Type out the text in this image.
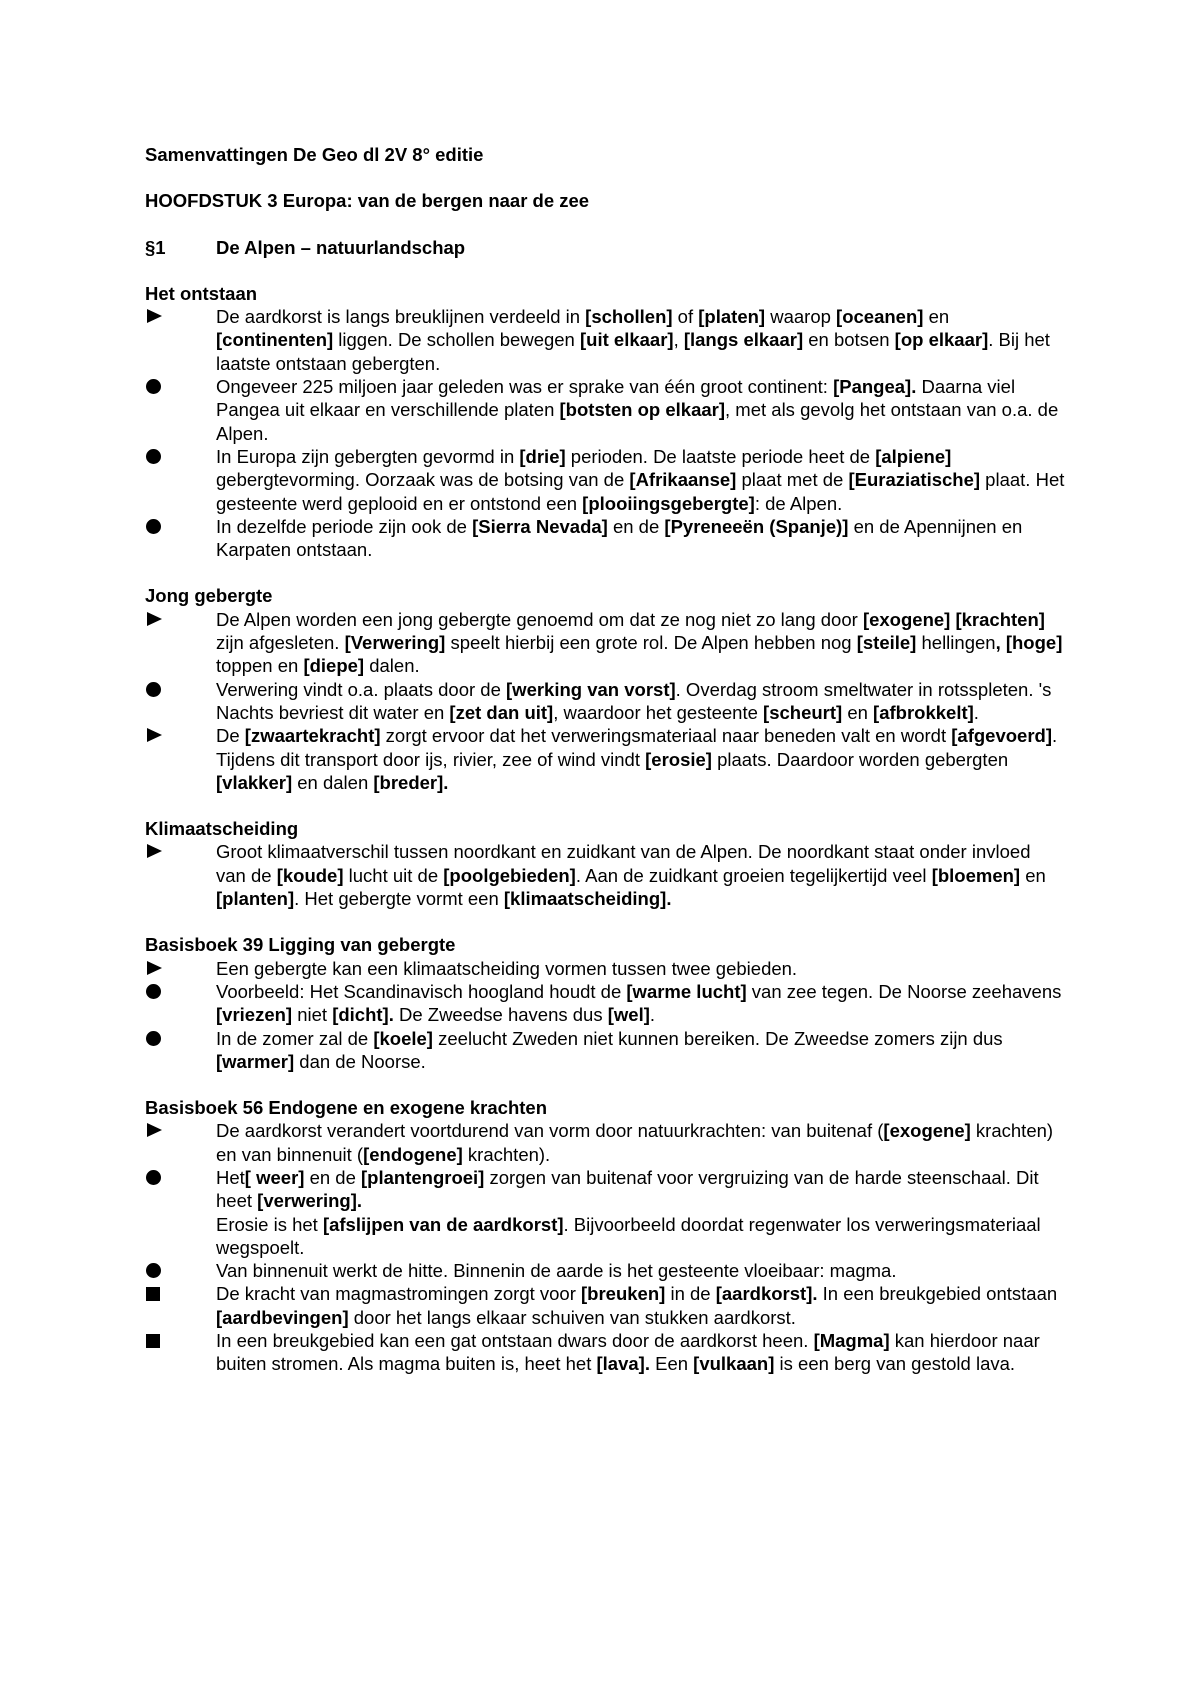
Samenvattingen De Geo dl 2V 8° editie

HOOFDSTUK 3 Europa: van de bergen naar de zee

§1	De Alpen – natuurlandschap
Het ontstaan
De aardkorst is langs breuklijnen verdeeld in [schollen] of [platen] waarop [oceanen] en [continenten] liggen. De schollen bewegen [uit elkaar], [langs elkaar] en botsen [op elkaar]. Bij het laatste ontstaan gebergten.
Ongeveer 225 miljoen jaar geleden was er sprake van één groot continent: [Pangea]. Daarna viel Pangea uit elkaar en verschillende platen [botsten op elkaar], met als gevolg het ontstaan van o.a. de Alpen.
In Europa zijn gebergten gevormd in [drie] perioden. De laatste periode heet de [alpiene] gebergtevorming. Oorzaak was de botsing van de [Afrikaanse] plaat met de [Euraziatische] plaat. Het gesteente werd geplooid en er ontstond een [plooiingsgebergte]: de Alpen.
In dezelfde periode zijn ook de [Sierra Nevada] en de [Pyreneeën (Spanje)] en de Apennijnen en Karpaten ontstaan.
Jong gebergte
De Alpen worden een jong gebergte genoemd om dat ze nog niet zo lang door [exogene] [krachten] zijn afgesleten. [Verwering] speelt hierbij een grote rol. De Alpen hebben nog [steile] hellingen, [hoge] toppen en [diepe] dalen.
Verwering vindt o.a. plaats door de [werking van vorst]. Overdag stroom smeltwater in rotsspleten. 's Nachts bevriest dit water en [zet dan uit], waardoor het gesteente [scheurt] en [afbrokkelt].
De [zwaartekracht] zorgt ervoor dat het verweringsmateriaal naar beneden valt en wordt [afgevoerd]. Tijdens dit transport door ijs, rivier, zee of wind vindt [erosie] plaats. Daardoor worden gebergten [vlakker] en dalen [breder].
Klimaatscheiding
Groot klimaatverschil tussen noordkant en zuidkant van de Alpen. De noordkant staat onder invloed van de [koude] lucht uit de [poolgebieden]. Aan de zuidkant groeien tegelijkertijd veel [bloemen] en [planten]. Het gebergte vormt een [klimaatscheiding].
Basisboek 39 Ligging van gebergte
Een gebergte kan een klimaatscheiding vormen tussen twee gebieden.
Voorbeeld: Het Scandinavisch hoogland houdt de [warme lucht] van zee tegen. De Noorse zeehavens [vriezen] niet [dicht]. De Zweedse havens dus [wel].
In de zomer zal de [koele] zeelucht Zweden niet kunnen bereiken. De Zweedse zomers zijn dus [warmer] dan de Noorse.
Basisboek 56 Endogene en exogene krachten
De aardkorst verandert voortdurend van vorm door natuurkrachten: van buitenaf ([exogene] krachten) en van binnenuit ([endogene] krachten).
Het[ weer] en de [plantengroei] zorgen van buitenaf voor vergruizing van de harde steenschaal. Dit heet [verwering].
Erosie is het [afslijpen van de aardkorst]. Bijvoorbeeld doordat regenwater los verweringsmateriaal wegspoelt.
Van binnenuit werkt de hitte. Binnenin de aarde is het gesteente vloeibaar: magma.
De kracht van magmastromingen zorgt voor [breuken] in de [aardkorst]. In een breukgebied ontstaan [aardbevingen] door het langs elkaar schuiven van stukken aardkorst.
In een breukgebied kan een gat ontstaan dwars door de aardkorst heen. [Magma] kan hierdoor naar buiten stromen. Als magma buiten is, heet het [lava]. Een [vulkaan] is een berg van gestold lava.
